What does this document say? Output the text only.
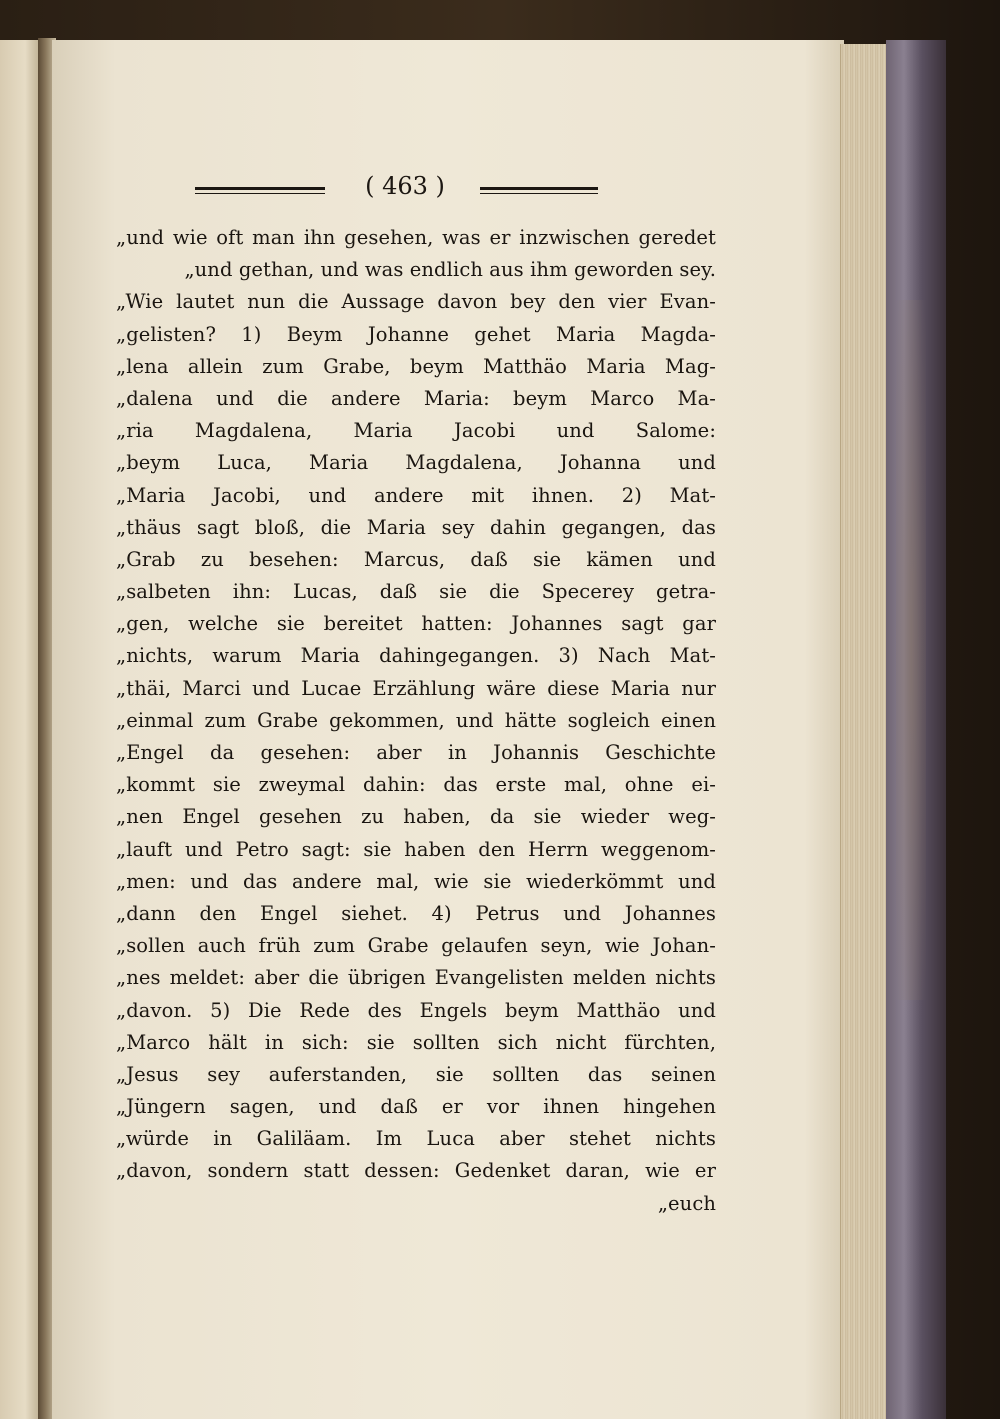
( 463 )
„und wie oft man ihn gesehen, was er inzwischen geredet
„und gethan, und was endlich aus ihm geworden sey.
„Wie lautet nun die Aussage davon bey den vier Evan-
„gelisten? 1) Beym Johanne gehet Maria Magda-
„lena allein zum Grabe, beym Matthäo Maria Mag-
„dalena und die andere Maria: beym Marco Ma-
„ria Magdalena, Maria Jacobi und Salome:
„beym Luca, Maria Magdalena, Johanna und
„Maria Jacobi, und andere mit ihnen. 2) Mat-
„thäus sagt bloß, die Maria sey dahin gegangen, das
„Grab zu besehen: Marcus, daß sie kämen und
„salbeten ihn: Lucas, daß sie die Specerey getra-
„gen, welche sie bereitet hatten: Johannes sagt gar
„nichts, warum Maria dahingegangen. 3) Nach Mat-
„thäi, Marci und Lucae Erzählung wäre diese Maria nur
„einmal zum Grabe gekommen, und hätte sogleich einen
„Engel da gesehen: aber in Johannis Geschichte
„kommt sie zweymal dahin: das erste mal, ohne ei-
„nen Engel gesehen zu haben, da sie wieder weg-
„lauft und Petro sagt: sie haben den Herrn weggenom-
„men: und das andere mal, wie sie wiederkömmt und
„dann den Engel siehet. 4) Petrus und Johannes
„sollen auch früh zum Grabe gelaufen seyn, wie Johan-
„nes meldet: aber die übrigen Evangelisten melden nichts
„davon. 5) Die Rede des Engels beym Matthäo und
„Marco hält in sich: sie sollten sich nicht fürchten,
„Jesus sey auferstanden, sie sollten das seinen
„Jüngern sagen, und daß er vor ihnen hingehen
„würde in Galiläam. Im Luca aber stehet nichts
„davon, sondern statt dessen: Gedenket daran, wie er
„euch
